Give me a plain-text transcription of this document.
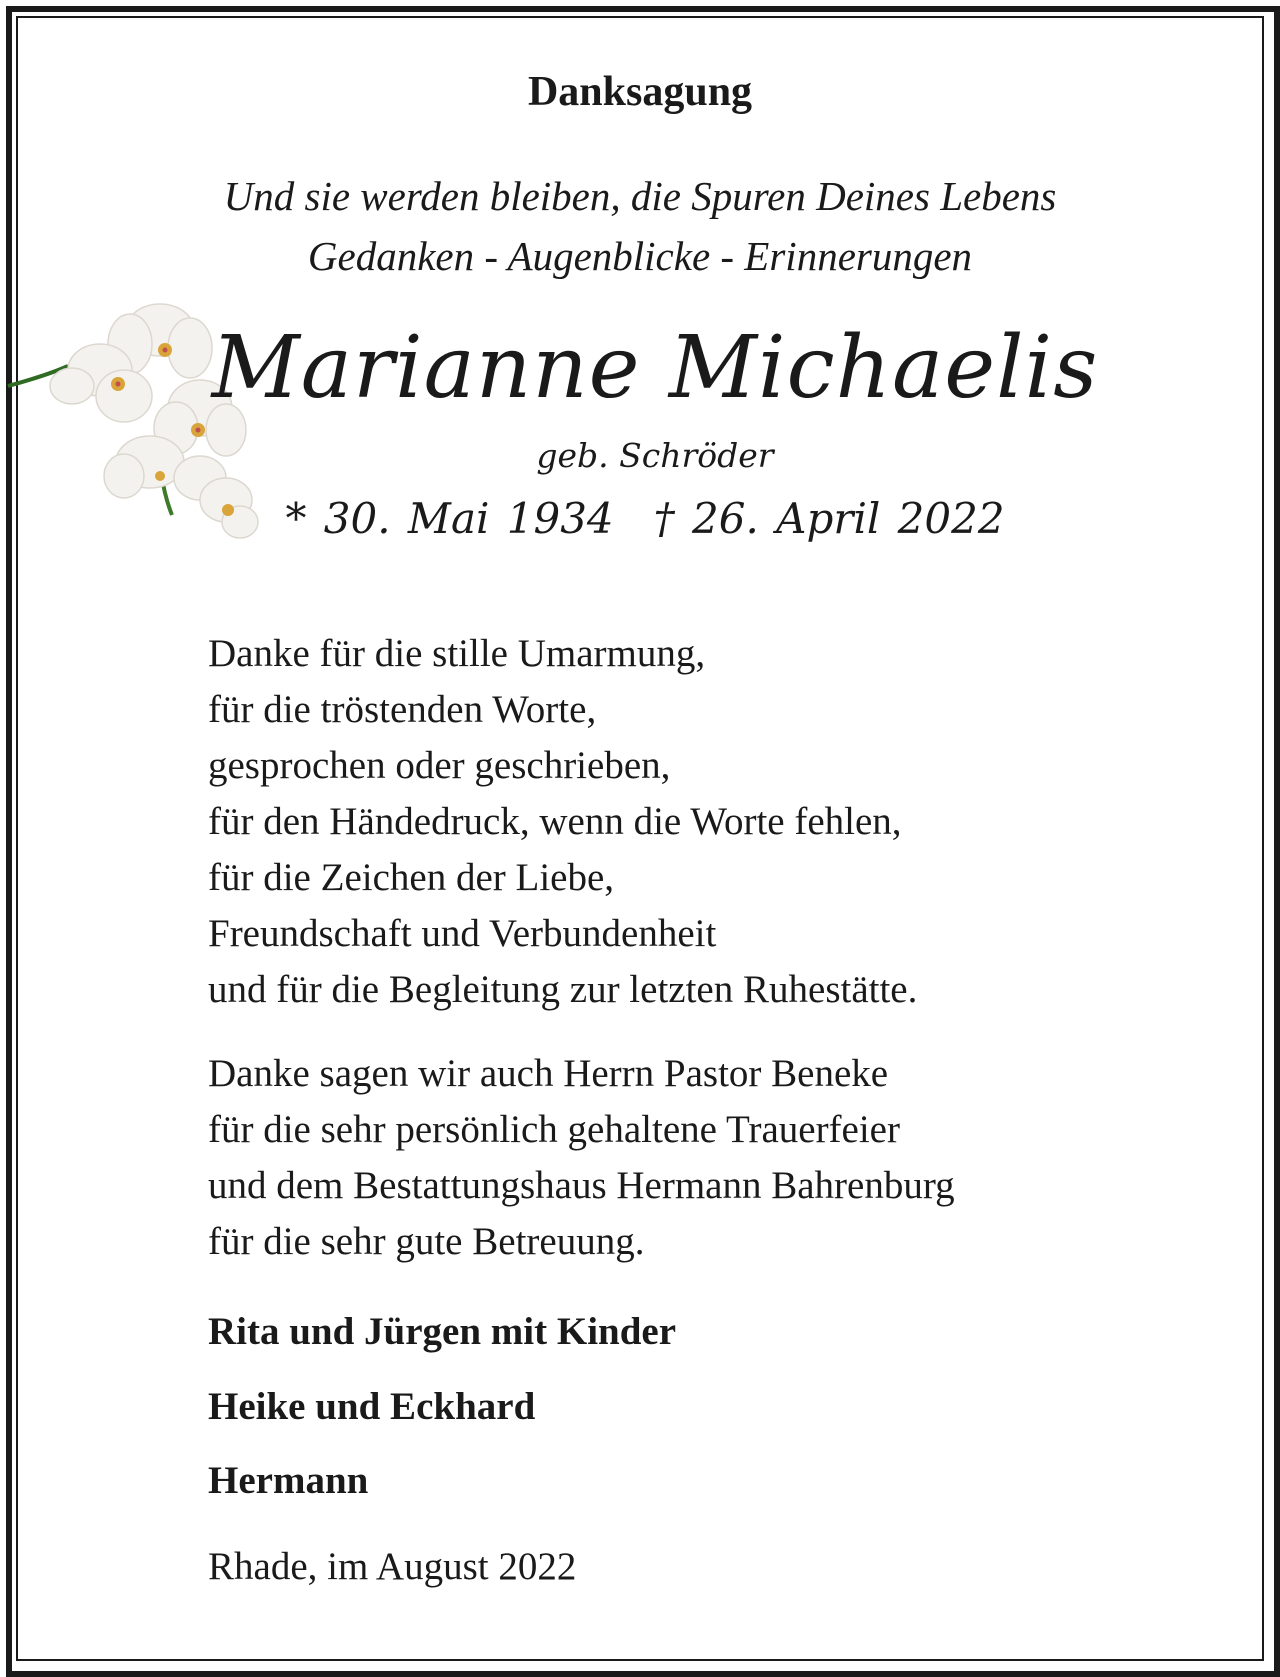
Danksagung
Und sie werden bleiben, die Spuren Deines Lebens
Gedanken - Augenblicke - Erinnerungen
Marianne Michaelis
geb. Schröder
* 30. Mai 1934 † 26. April 2022
Danke für die stille Umarmung,
für die tröstenden Worte,
gesprochen oder geschrieben,
für den Händedruck, wenn die Worte fehlen,
für die Zeichen der Liebe,
Freundschaft und Verbundenheit
und für die Begleitung zur letzten Ruhestätte.
Danke sagen wir auch Herrn Pastor Beneke
für die sehr persönlich gehaltene Trauerfeier
und dem Bestattungshaus Hermann Bahrenburg
für die sehr gute Betreuung.
Rita und Jürgen mit Kinder
Heike und Eckhard
Hermann
Rhade, im August 2022
